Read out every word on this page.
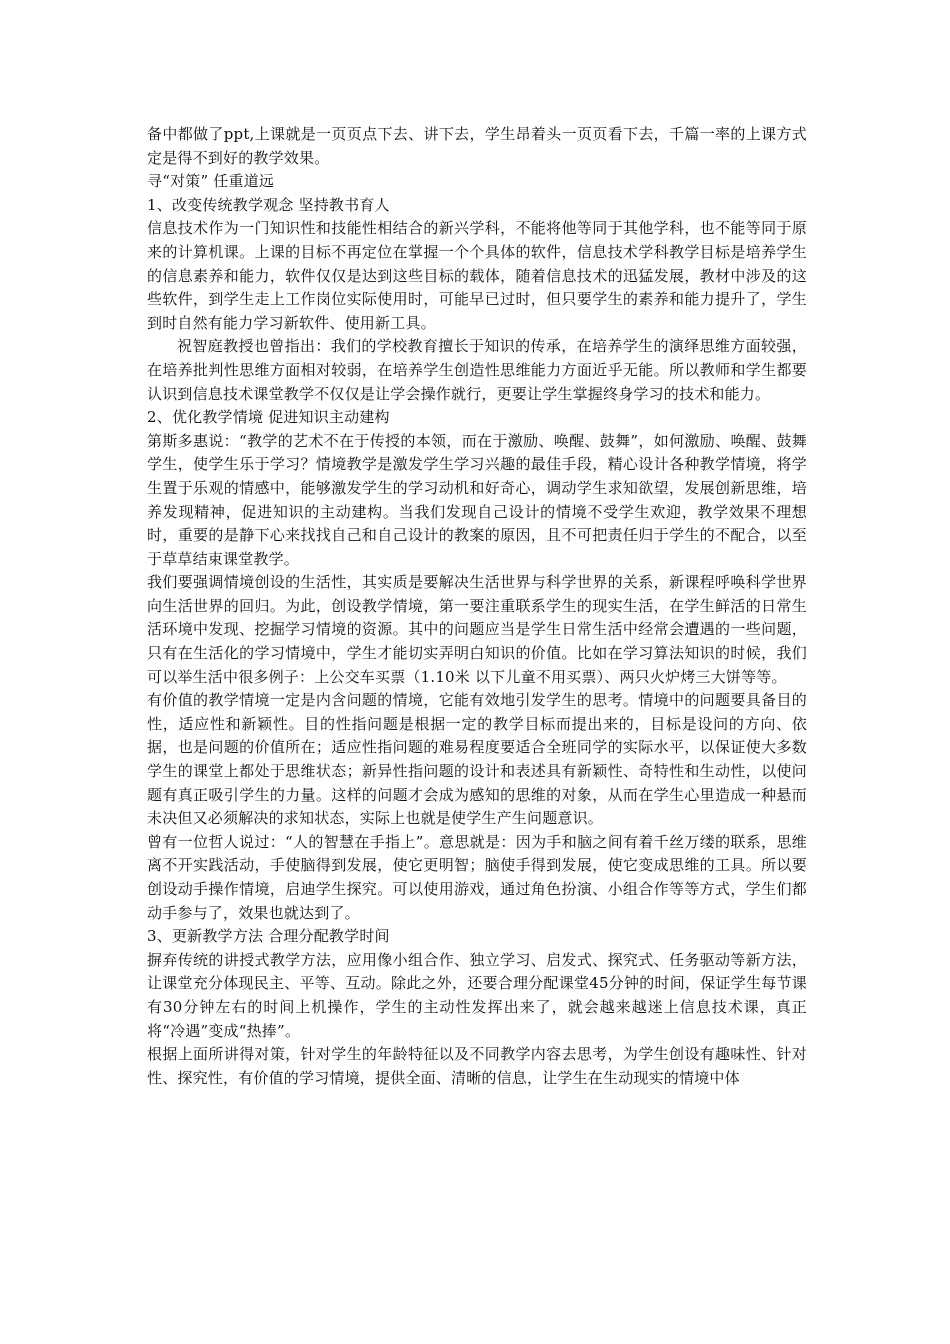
备中都做了ppt,上课就是一页页点下去、讲下去，学生昂着头一页页看下去，千篇一率的上课方式定是得不到好的教学效果。

寻“对策” 任重道远

1、改变传统教学观念 坚持教书育人

信息技术作为一门知识性和技能性相结合的新兴学科，不能将他等同于其他学科，也不能等同于原来的计算机课。上课的目标不再定位在掌握一个个具体的软件，信息技术学科教学目标是培养学生的信息素养和能力，软件仅仅是达到这些目标的载体，随着信息技术的迅猛发展，教材中涉及的这些软件，到学生走上工作岗位实际使用时，可能早已过时，但只要学生的素养和能力提升了，学生到时自然有能力学习新软件、使用新工具。

祝智庭教授也曾指出：我们的学校教育擅长于知识的传承，在培养学生的演绎思维方面较强，在培养批判性思维方面相对较弱，在培养学生创造性思维能力方面近乎无能。所以教师和学生都要认识到信息技术课堂教学不仅仅是让学会操作就行，更要让学生掌握终身学习的技术和能力。

2、优化教学情境 促进知识主动建构

第斯多惠说：“教学的艺术不在于传授的本领，而在于激励、唤醒、鼓舞”，如何激励、唤醒、鼓舞学生，使学生乐于学习？情境教学是激发学生学习兴趣的最佳手段，精心设计各种教学情境，将学生置于乐观的情感中，能够激发学生的学习动机和好奇心，调动学生求知欲望，发展创新思维，培养发现精神，促进知识的主动建构。当我们发现自己设计的情境不受学生欢迎，教学效果不理想时，重要的是静下心来找找自己和自己设计的教案的原因，且不可把责任归于学生的不配合，以至于草草结束课堂教学。

我们要强调情境创设的生活性，其实质是要解决生活世界与科学世界的关系，新课程呼唤科学世界向生活世界的回归。为此，创设教学情境，第一要注重联系学生的现实生活，在学生鲜活的日常生活环境中发现、挖掘学习情境的资源。其中的问题应当是学生日常生活中经常会遭遇的一些问题，只有在生活化的学习情境中，学生才能切实弄明白知识的价值。比如在学习算法知识的时候，我们可以举生活中很多例子：上公交车买票（1.10米 以下儿童不用买票）、两只火炉烤三大饼等等。

有价值的教学情境一定是内含问题的情境，它能有效地引发学生的思考。情境中的问题要具备目的性，适应性和新颖性。目的性指问题是根据一定的教学目标而提出来的，目标是设问的方向、依据，也是问题的价值所在；适应性指问题的难易程度要适合全班同学的实际水平，以保证使大多数学生的课堂上都处于思维状态；新异性指问题的设计和表述具有新颖性、奇特性和生动性，以使问题有真正吸引学生的力量。这样的问题才会成为感知的思维的对象，从而在学生心里造成一种悬而未决但又必须解决的求知状态，实际上也就是使学生产生问题意识。

曾有一位哲人说过：“人的智慧在手指上”。意思就是：因为手和脑之间有着千丝万缕的联系，思维离不开实践活动，手使脑得到发展，使它更明智；脑使手得到发展，使它变成思维的工具。所以要创设动手操作情境，启迪学生探究。可以使用游戏，通过角色扮演、小组合作等等方式，学生们都动手参与了，效果也就达到了。

3、更新教学方法 合理分配教学时间

摒弃传统的讲授式教学方法，应用像小组合作、独立学习、启发式、探究式、任务驱动等新方法，让课堂充分体现民主、平等、互动。除此之外，还要合理分配课堂45分钟的时间，保证学生每节课有30分钟左右的时间上机操作，学生的主动性发挥出来了，就会越来越迷上信息技术课，真正将“冷遇”变成“热捧”。

根据上面所讲得对策，针对学生的年龄特征以及不同教学内容去思考，为学生创设有趣味性、针对性、探究性，有价值的学习情境，提供全面、清晰的信息，让学生在生动现实的情境中体
